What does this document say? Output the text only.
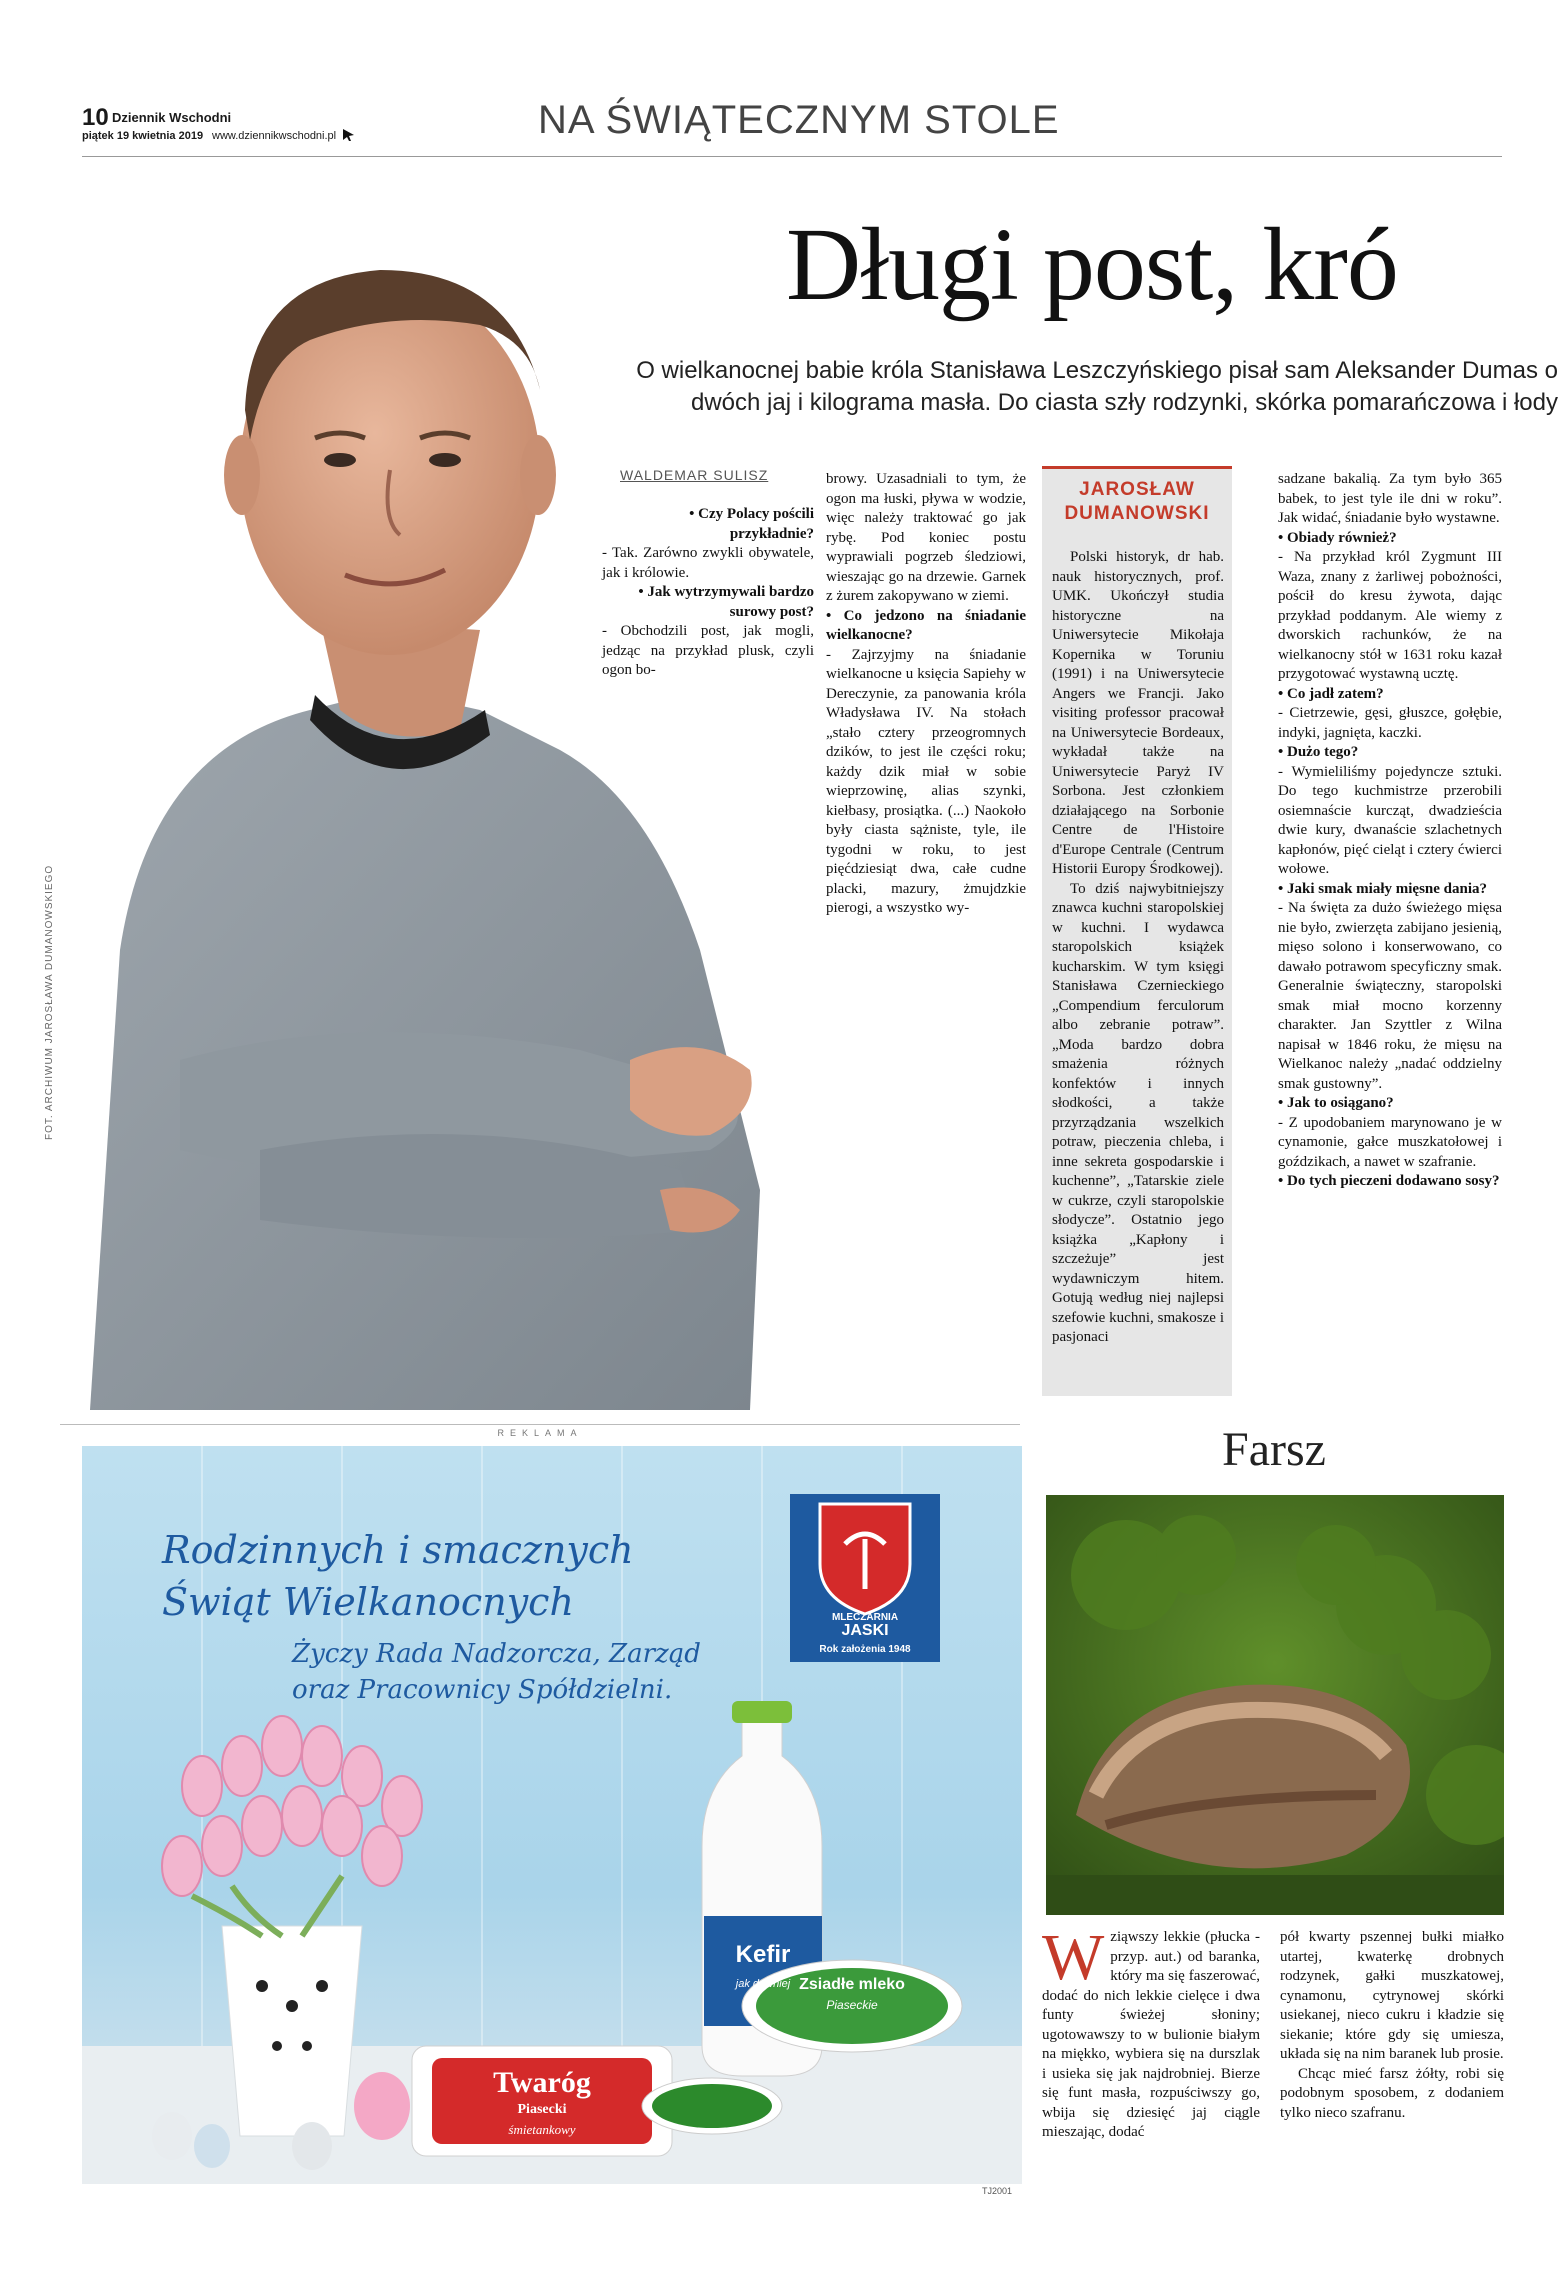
10 Dziennik Wschodni
piątek 19 kwietnia 2019 www.dziennikwschodni.pl	NA ŚWIĄTECZNYM STOLE
FOT. ARCHIWUM JAROSŁAWA DUMANOWSKIEGO
Długi post, kró
O wielkanocnej babie króla Stanisława Leszczyńskiego pisał sam Aleksander Dumas o
dwóch jaj i kilograma masła. Do ciasta szły rodzynki, skórka pomarańczowa i łody
WALDEMAR SULISZ

• Czy Polacy pościli przykładnie?

- Tak. Zarówno zwykli obywatele, jak i królowie.

• Jak wytrzymywali bardzo surowy post?

- Obchodzili post, jak mogli, jedząc na przykład plusk, czyli ogon bo-

browy. Uzasadniali to tym, że ogon ma łuski, pływa w wodzie, więc należy traktować go jak rybę. Pod koniec postu wyprawiali pogrzeb śledziowi, wieszając go na drzewie. Garnek z żurem zakopywano w ziemi.

• Co jedzono na śniadanie wielkanocne?

- Zajrzyjmy na śniadanie wielkanocne u księcia Sapiehy w Dereczynie, za panowania króla Władysława IV. Na stołach „stało cztery przeogromnych dzików, to jest ile części roku; każdy dzik miał w sobie wieprzowinę, alias szynki, kiełbasy, prosiątka. (...) Naokoło były ciasta sążniste, tyle, ile tygodni w roku, to jest pięćdziesiąt dwa, całe cudne placki, mazury, żmujdzkie pierogi, a wszystko wy-

JAROSŁAW
DUMANOWSKI

Polski historyk, dr hab. nauk historycznych, prof. UMK. Ukończył studia historyczne na Uniwersytecie Mikołaja Kopernika w Toruniu (1991) i na Uniwersytecie Angers we Francji. Jako visiting professor pracował na Uniwersytecie Bordeaux, wykładał także na Uniwersytecie Paryż IV Sorbona. Jest członkiem działającego na Sorbonie Centre de l'Histoire d'Europe Centrale (Centrum Historii Europy Środkowej).

To dziś najwybitniejszy znawca kuchni staropolskiej w kuchni. I wydawca staropolskich książek kucharskim. W tym księgi Stanisława Czernieckiego „Compendium ferculorum albo zebranie potraw”. „Moda bardzo dobra smażenia różnych konfektów i innych słodkości, a także przyrządzania wszelkich potraw, pieczenia chleba, i inne sekreta gospodarskie i kuchenne”, „Tatarskie ziele w cukrze, czyli staropolskie słodycze”. Ostatnio jego książka „Kapłony i szczeżuje” jest wydawniczym hitem. Gotują według niej najlepsi szefowie kuchni, smakosze i pasjonaci

sadzane bakalią. Za tym było 365 babek, to jest tyle ile dni w roku”. Jak widać, śniadanie było wystawne.

• Obiady również?

- Na przykład król Zygmunt III Waza, znany z żarliwej pobożności, pościł do kresu żywota, dając przykład poddanym. Ale wiemy z dworskich rachunków, że na wielkanocny stół w 1631 roku kazał przygotować wystawną ucztę.

• Co jadł zatem?

- Cietrzewie, gęsi, głuszce, gołębie, indyki, jagnięta, kaczki.

• Dużo tego?

- Wymieliliśmy pojedyncze sztuki. Do tego kuchmistrze przerobili osiemnaście kurcząt, dwadzieścia dwie kury, dwanaście szlachetnych kapłonów, pięć cieląt i cztery ćwierci wołowe.

• Jaki smak miały mięsne dania?

- Na święta za dużo świeżego mięsa nie było, zwierzęta zabijano jesienią, mięso solono i konserwowano, co dawało potrawom specyficzny smak. Generalnie świąteczny, staropolski smak miał mocno korzenny charakter. Jan Szyttler z Wilna napisał w 1846 roku, że mięsu na Wielkanoc należy „nadać oddzielny smak gustowny”.

• Jak to osiągano?

- Z upodobaniem marynowano je w cynamonie, gałce muszkatołowej i goździkach, a nawet w szafranie.

• Do tych pieczeni dodawano sosy?

REKLAMA
Rodzinnych i smacznych
Świąt Wielkanocnych
Życzy Rada Nadzorcza, Zarząd
oraz Pracownicy Spółdzielni.
MLECZARNIA
JASKI
Rok założenia 1948
Kefir
jak dawniej
Twaróg
Piasecki
śmietankowy
Zsiadłe mleko
Piaseckie
TJ2001
Farsz
W ziąwszy lekkie (płucka - przyp. aut.) od baranka, który ma się faszerować, dodać do nich lekkie cielęce i dwa funty świeżej słoniny; ugotowawszy to w bulionie białym na miękko, wybiera się na durszlak i usieka się jak najdrobniej. Bierze się funt masła, rozpuściwszy go, wbija się dziesięć jaj ciągle mieszając, dodać

pół kwarty pszennej bułki miałko utartej, kwaterkę drobnych rodzynek, gałki muszkatowej, cynamonu, cytrynowej skórki usiekanej, nieco cukru i kładzie się siekanie; które gdy się umiesza, układa się na nim baranek lub prosie.

Chcąc mieć farsz żółty, robi się podobnym sposobem, z dodaniem tylko nieco szafranu.
